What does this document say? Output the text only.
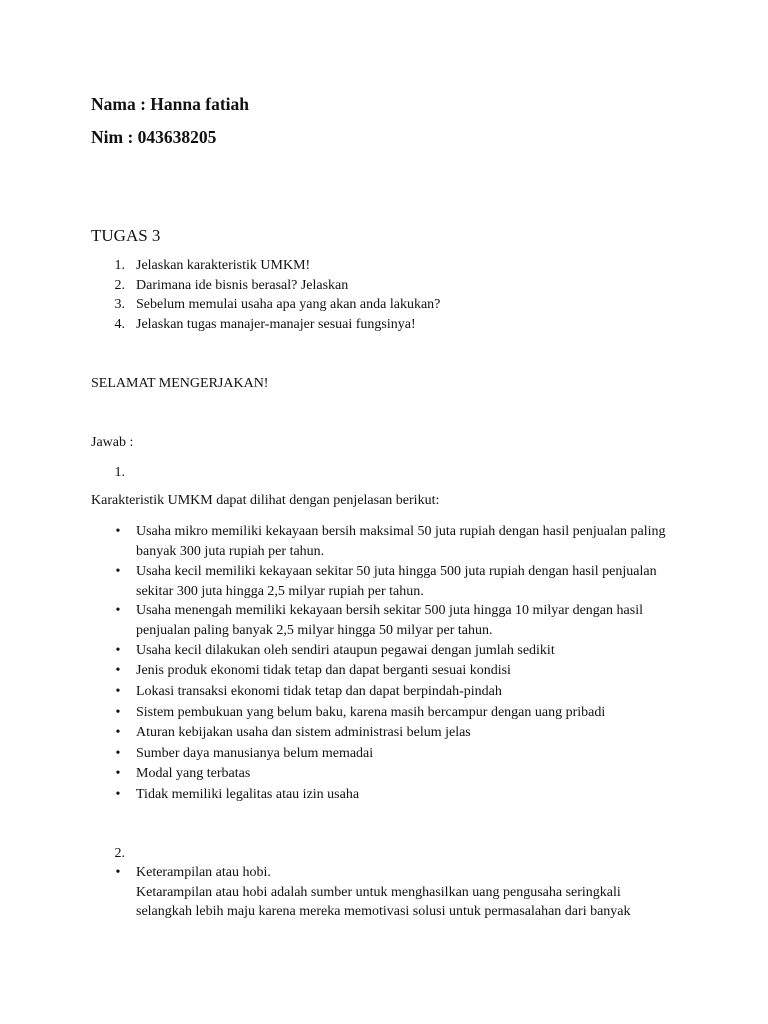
Nama : Hanna fatiah
Nim : 043638205
TUGAS 3
1. Jelaskan karakteristik UMKM!
2. Darimana ide bisnis berasal? Jelaskan
3. Sebelum memulai usaha apa yang akan anda lakukan?
4. Jelaskan tugas manajer-manajer sesuai fungsinya!
SELAMAT MENGERJAKAN!
Jawab :
1.
Karakteristik UMKM dapat dilihat dengan penjelasan berikut:
•	Usaha mikro memiliki kekayaan bersih maksimal 50 juta rupiah dengan hasil penjualan paling banyak 300 juta rupiah per tahun.
•	Usaha kecil memiliki kekayaan sekitar 50 juta hingga 500 juta rupiah dengan hasil penjualan sekitar 300 juta hingga 2,5 milyar rupiah per tahun.
•	Usaha menengah memiliki kekayaan bersih sekitar 500 juta hingga 10 milyar dengan hasil penjualan paling banyak 2,5 milyar hingga 50 milyar per tahun.
•	Usaha kecil dilakukan oleh sendiri ataupun pegawai dengan jumlah sedikit
•	Jenis produk ekonomi tidak tetap dan dapat berganti sesuai kondisi
•	Lokasi transaksi ekonomi tidak tetap dan dapat berpindah-pindah
•	Sistem pembukuan yang belum baku, karena masih bercampur dengan uang pribadi
•	Aturan kebijakan usaha dan sistem administrasi belum jelas
•	Sumber daya manusianya belum memadai
•	Modal yang terbatas
•	Tidak memiliki legalitas atau izin usaha
2.
•	Keterampilan atau hobi.
Ketarampilan atau hobi adalah sumber untuk menghasilkan uang pengusaha seringkali selangkah lebih maju karena mereka memotivasi solusi untuk permasalahan dari banyak
